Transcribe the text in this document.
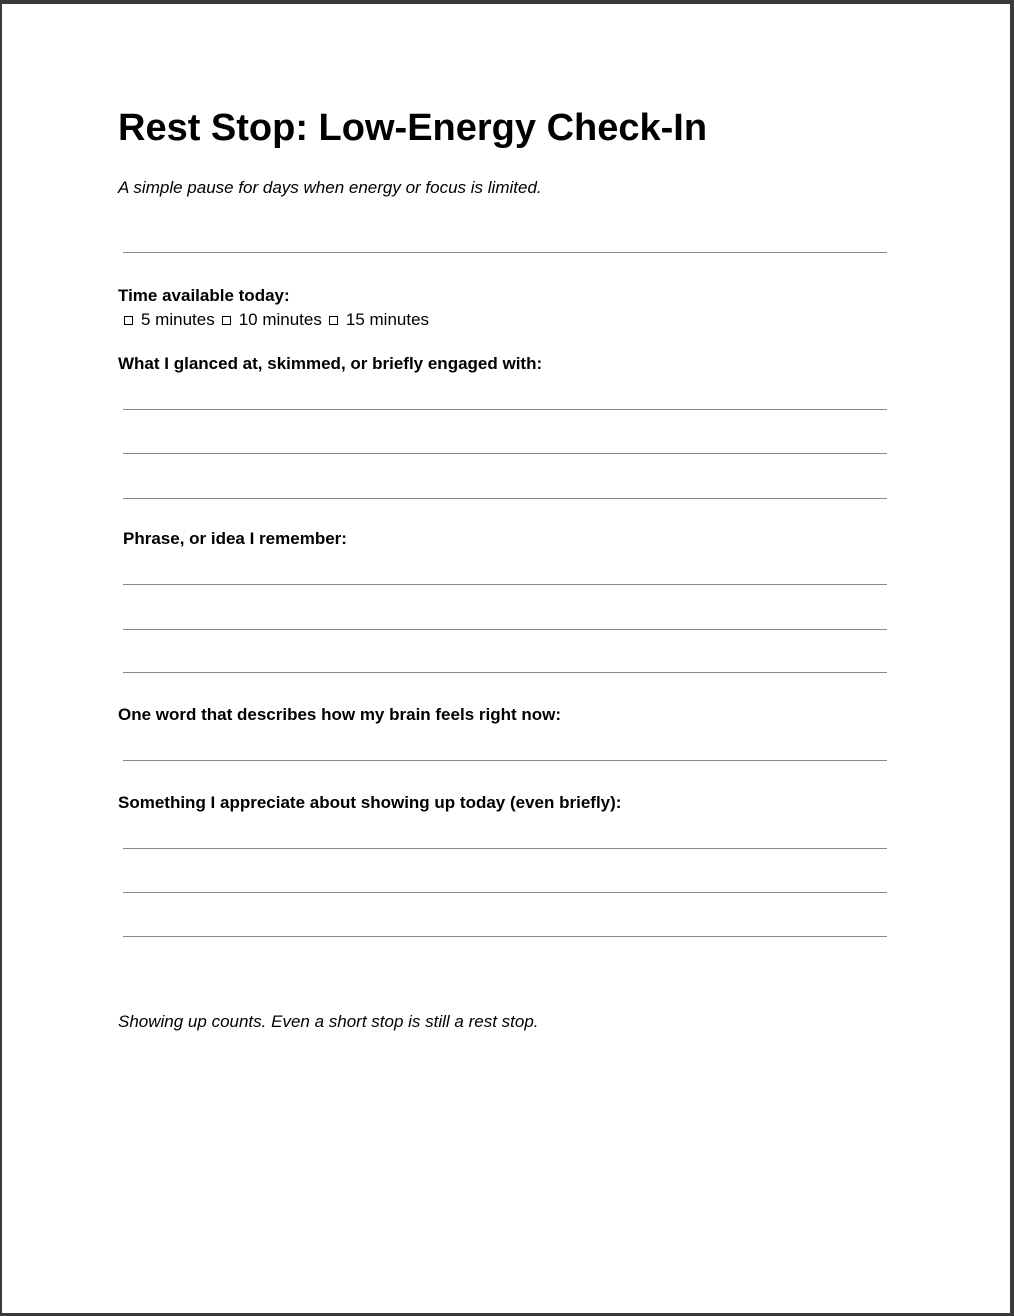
Rest Stop: Low-Energy Check-In
A simple pause for days when energy or focus is limited.
Time available today:
5 minutes 10 minutes 15 minutes
What I glanced at, skimmed, or briefly engaged with:
Phrase, or idea I remember:
One word that describes how my brain feels right now:
Something I appreciate about showing up today (even briefly):
Showing up counts. Even a short stop is still a rest stop.
